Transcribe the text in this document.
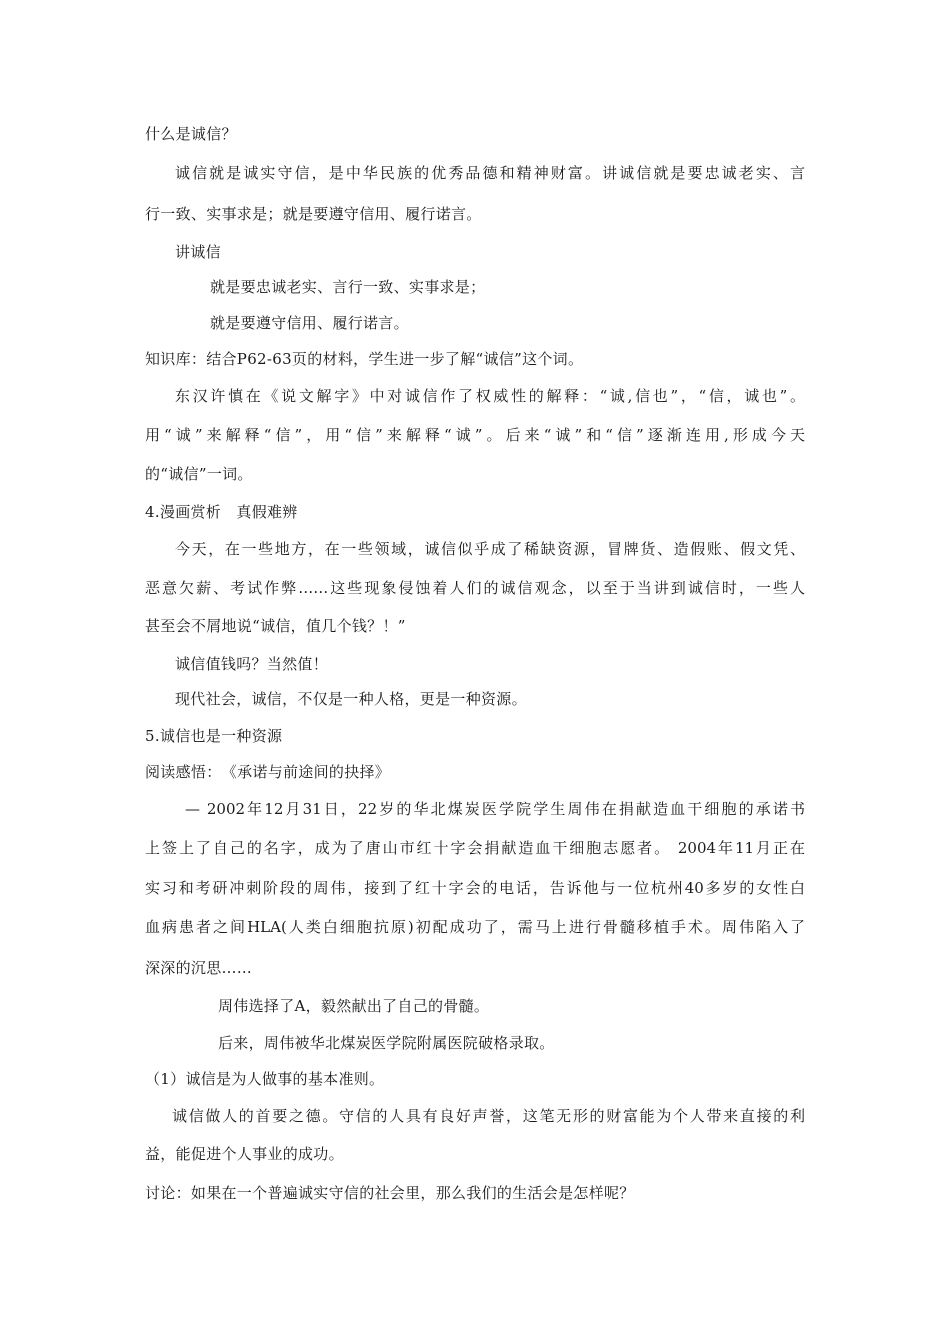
什么是诚信？
诚信就是诚实守信，是中华民族的优秀品德和精神财富。讲诚信就是要忠诚老实、言
行一致、实事求是；就是要遵守信用、履行诺言。
讲诚信
就是要忠诚老实、言行一致、实事求是；
就是要遵守信用、履行诺言。
知识库：结合P62-63页的材料，学生进一步了解“诚信”这个词。
东汉许慎在《说文解字》中对诚信作了权威性的解释：“诚,信也”，“信，诚也”。
用“诚”来解释“信”，用“信”来解释“诚”。后来“诚”和“信”逐渐连用,形成今天
的“诚信”一词。
4.漫画赏析　真假难辨
今天，在一些地方，在一些领域，诚信似乎成了稀缺资源，冒牌货、造假账、假文凭、
恶意欠薪、考试作弊……这些现象侵蚀着人们的诚信观念，以至于当讲到诚信时，一些人
甚至会不屑地说“诚信，值几个钱？！”
诚信值钱吗？当然值！
现代社会，诚信，不仅是一种人格，更是一种资源。
5.诚信也是一种资源
阅读感悟：　《承诺与前途间的抉择》
— 2002年12月31日，22岁的华北煤炭医学院学生周伟在捐献造血干细胞的承诺书
上签上了自己的名字，成为了唐山市红十字会捐献造血干细胞志愿者。 2004年11月正在
实习和考研冲刺阶段的周伟，接到了红十字会的电话，告诉他与一位杭州40多岁的女性白
血病患者之间HLA(人类白细胞抗原)初配成功了，需马上进行骨髓移植手术。周伟陷入了
深深的沉思……
周伟选择了A，毅然献出了自己的骨髓。
后来，周伟被华北煤炭医学院附属医院破格录取。
（1）诚信是为人做事的基本准则。
诚信做人的首要之德。守信的人具有良好声誉，这笔无形的财富能为个人带来直接的利
益，能促进个人事业的成功。
讨论：如果在一个普遍诚实守信的社会里，那么我们的生活会是怎样呢？
